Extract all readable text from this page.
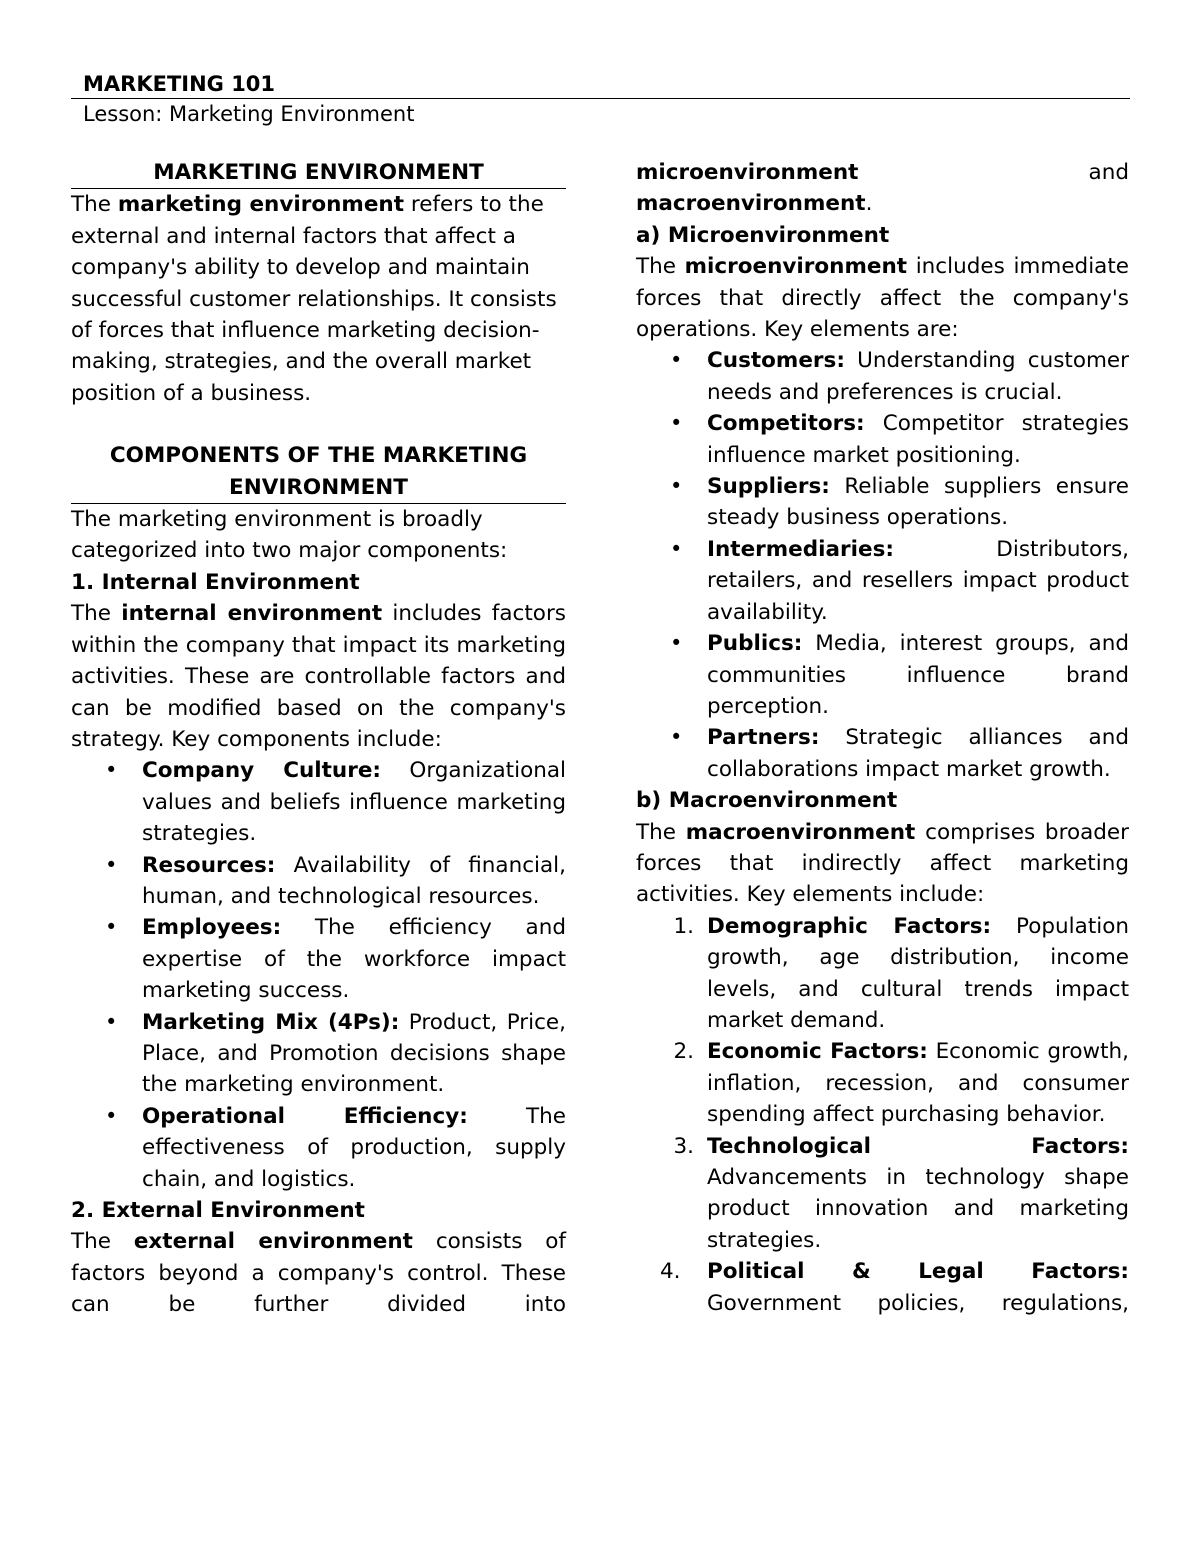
MARKETING 101
Lesson: Marketing Environment
MARKETING ENVIRONMENT

The marketing environment refers to the external and internal factors that affect a company's ability to develop and maintain successful customer relationships. It consists of forces that influence marketing decision-making, strategies, and the overall market position of a business.

COMPONENTS OF THE MARKETING ENVIRONMENT

The marketing environment is broadly categorized into two major components:

1. Internal Environment

The internal environment includes factors within the company that impact its marketing activities. These are controllable factors and can be modified based on the company's strategy. Key components include:

• Company Culture: Organizational values and beliefs influence marketing strategies.
• Resources: Availability of financial, human, and technological resources.
• Employees: The efficiency and expertise of the workforce impact marketing success.
• Marketing Mix (4Ps): Product, Price, Place, and Promotion decisions shape the marketing environment.
• Operational Efficiency: The effectiveness of production, supply chain, and logistics.
2. External Environment

The external environment consists of factors beyond a company's control. These can be further divided into

microenvironment	and

macroenvironment.

a) Microenvironment

The microenvironment includes immediate forces that directly affect the company's operations. Key elements are:

• Customers: Understanding customer needs and preferences is crucial.
• Competitors: Competitor strategies influence market positioning.
• Suppliers: Reliable suppliers ensure steady business operations.
• Intermediaries: Distributors, retailers, and resellers impact product availability.
• Publics: Media, interest groups, and communities influence brand perception.
• Partners: Strategic alliances and collaborations impact market growth.
b) Macroenvironment

The macroenvironment comprises broader forces that indirectly affect marketing activities. Key elements include:

1. Demographic Factors: Population growth, age distribution, income levels, and cultural trends impact market demand.
2. Economic Factors: Economic growth, inflation, recession, and consumer spending affect purchasing behavior.
3. Technological Factors: Advancements in technology shape product innovation and marketing strategies.
4.	Political & Legal Factors: Government policies, regulations,
